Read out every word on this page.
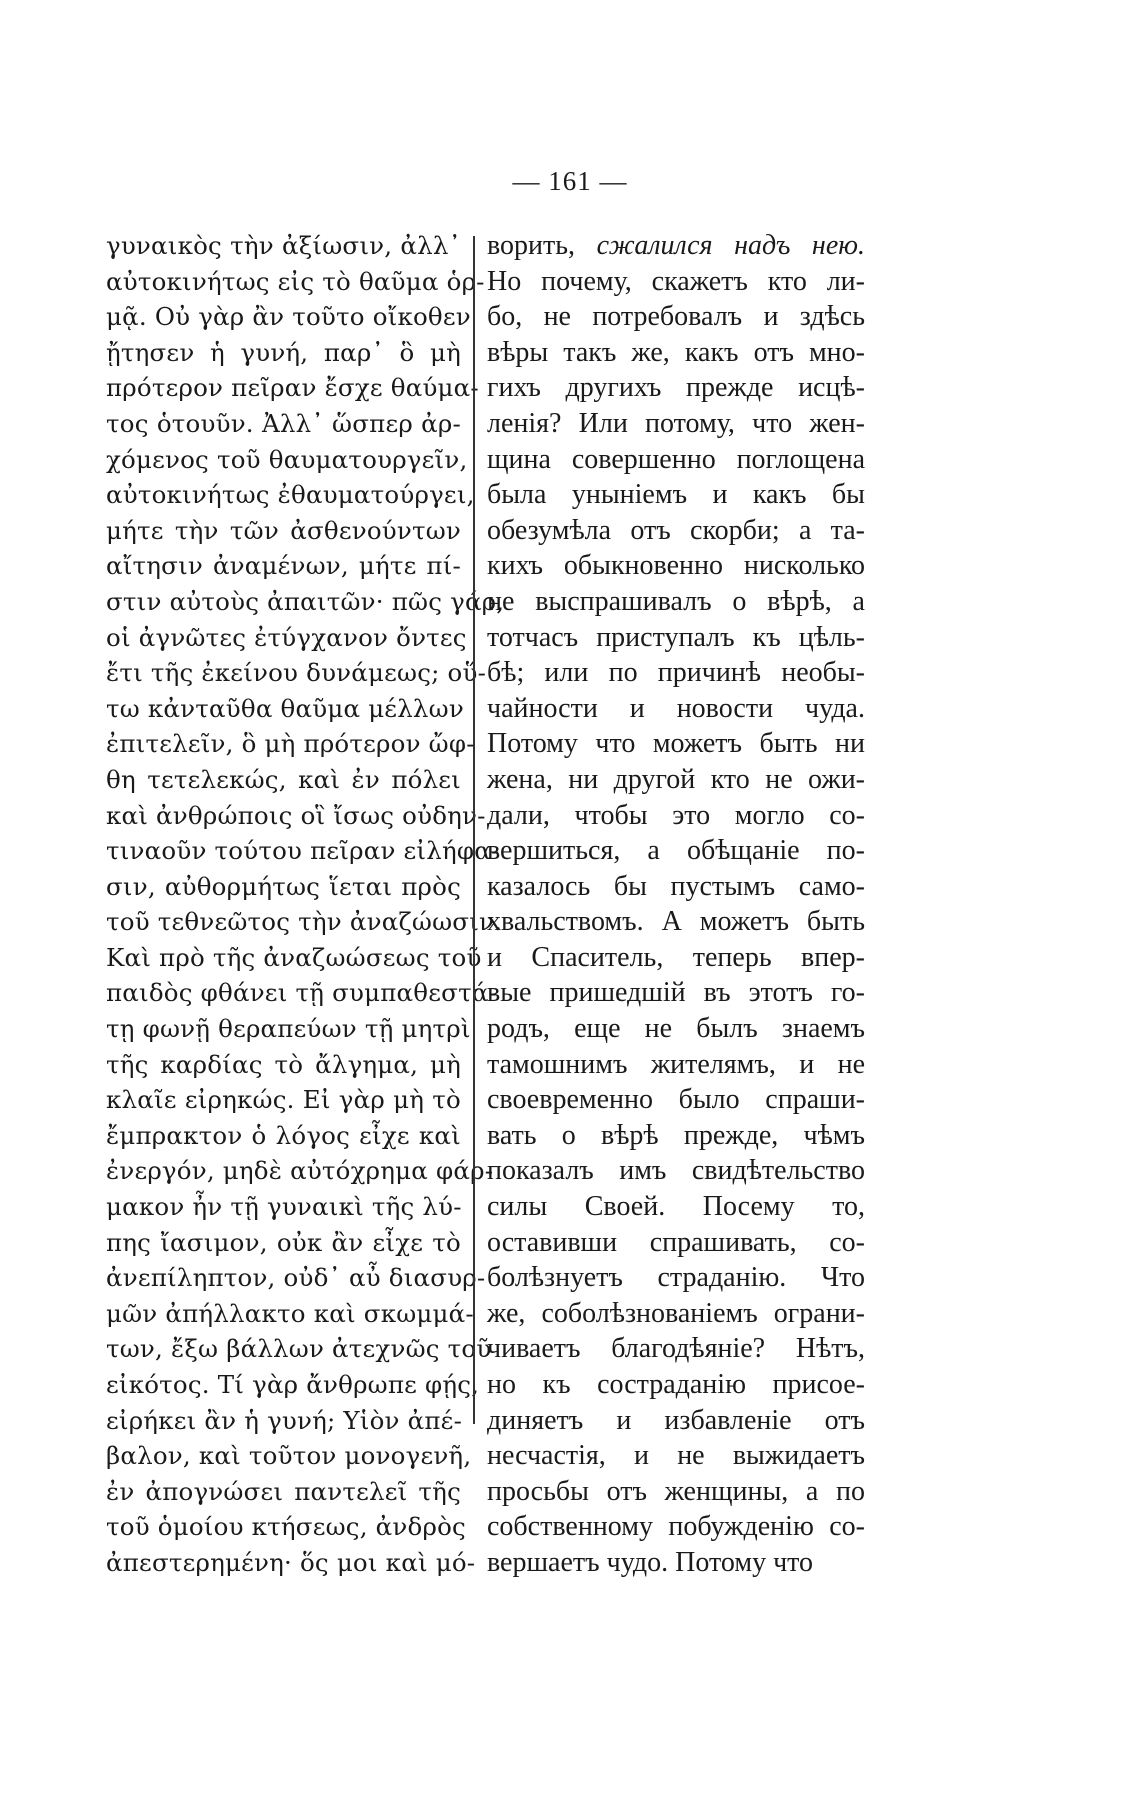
— 161 —
γυναικὸς τὴν ἀξίωσιν, ἀλλ᾽
αὐτοκινήτως εἰς τὸ θαῦμα ὁρ-
μᾷ. Οὐ γὰρ ἂν τοῦτο οἴκοθεν
ᾔτησεν ἡ γυνή, παρ᾽ ὃ μὴ
πρότερον πεῖραν ἔσχε θαύμα-
τος ὁτουῦν. Ἀλλ᾽ ὥσπερ ἀρ-
χόμενος τοῦ θαυματουργεῖν,
αὐτοκινήτως ἐθαυματούργει,
μήτε τὴν τῶν ἀσθενούντων
αἴτησιν ἀναμένων, μήτε πί-
στιν αὐτοὺς ἀπαιτῶν· πῶς γάρ,
οἱ ἀγνῶτες ἐτύγχανον ὄντες
ἔτι τῆς ἐκείνου δυνάμεως; οὕ-
τω κἀνταῦθα θαῦμα μέλλων
ἐπιτελεῖν, ὃ μὴ πρότερον ὤφ-
θη τετελεκώς, καὶ ἐν πόλει
καὶ ἀνθρώποις οἳ ἴσως οὐδην-
τιναοῦν τούτου πεῖραν εἰλήφα-
σιν, αὐθορμήτως ἵεται πρὸς
τοῦ τεθνεῶτος τὴν ἀναζώωσιν.
Καὶ πρὸ τῆς ἀναζωώσεως τοῦ
παιδὸς φθάνει τῇ συμπαθεστά-
τῃ φωνῇ θεραπεύων τῇ μητρὶ
τῆς καρδίας τὸ ἄλγημα, μὴ
κλαῖε εἰρηκώς. Εἰ γὰρ μὴ τὸ
ἔμπρακτον ὁ λόγος εἶχε καὶ
ἐνεργόν, μηδὲ αὐτόχρημα φάρ-
μακον ἦν τῇ γυναικὶ τῆς λύ-
πης ἴασιμον, οὐκ ἂν εἶχε τὸ
ἀνεπίληπτον, οὐδ᾽ αὖ διασυρ-
μῶν ἀπήλλακτο καὶ σκωμμά-
των, ἔξω βάλλων ἀτεχνῶς τοῦ
εἰκότος. Τί γὰρ ἄνθρωπε φῄς,
εἰρήκει ἂν ἡ γυνή; Υἱὸν ἀπέ-
βαλον, καὶ τοῦτον μονογενῆ,
ἐν ἀπογνώσει παντελεῖ τῆς
τοῦ ὁμοίου κτήσεως, ἀνδρὸς
ἀπεστερημένη· ὅς μοι καὶ μό-
ворить, сжалился надъ нею.
Но почему, скажетъ кто ли-
бо, не потребовалъ и здѣсь
вѣры такъ же, какъ отъ мно-
гихъ другихъ прежде исцѣ-
ленія? Или потому, что жен-
щина совершенно поглощена
была уныніемъ и какъ бы
обезумѣла отъ скорби; а та-
кихъ обыкновенно нисколько
не выспрашивалъ о вѣрѣ, а
тотчасъ приступалъ къ цѣль-
бѣ; или по причинѣ необы-
чайности и новости чуда.
Потому что можетъ быть ни
жена, ни другой кто не ожи-
дали, чтобы это могло со-
вершиться, а обѣщаніе по-
казалось бы пустымъ само-
хвальствомъ. А можетъ быть
и Спаситель, теперь впер-
вые пришедшій въ этотъ го-
родъ, еще не былъ знаемъ
тамошнимъ жителямъ, и не
своевременно было спраши-
вать о вѣрѣ прежде, чѣмъ
показалъ имъ свидѣтельство
силы Своей. Посему то,
оставивши спрашивать, со-
болѣзнуетъ страданію. Что
же, соболѣзнованіемъ ограни-
чиваетъ благодѣяніе? Нѣтъ,
но къ состраданію присое-
диняетъ и избавленіе отъ
несчастія, и не выжидаетъ
просьбы отъ женщины, а по
собственному побужденію со-
вершаетъ чудо. Потому что
